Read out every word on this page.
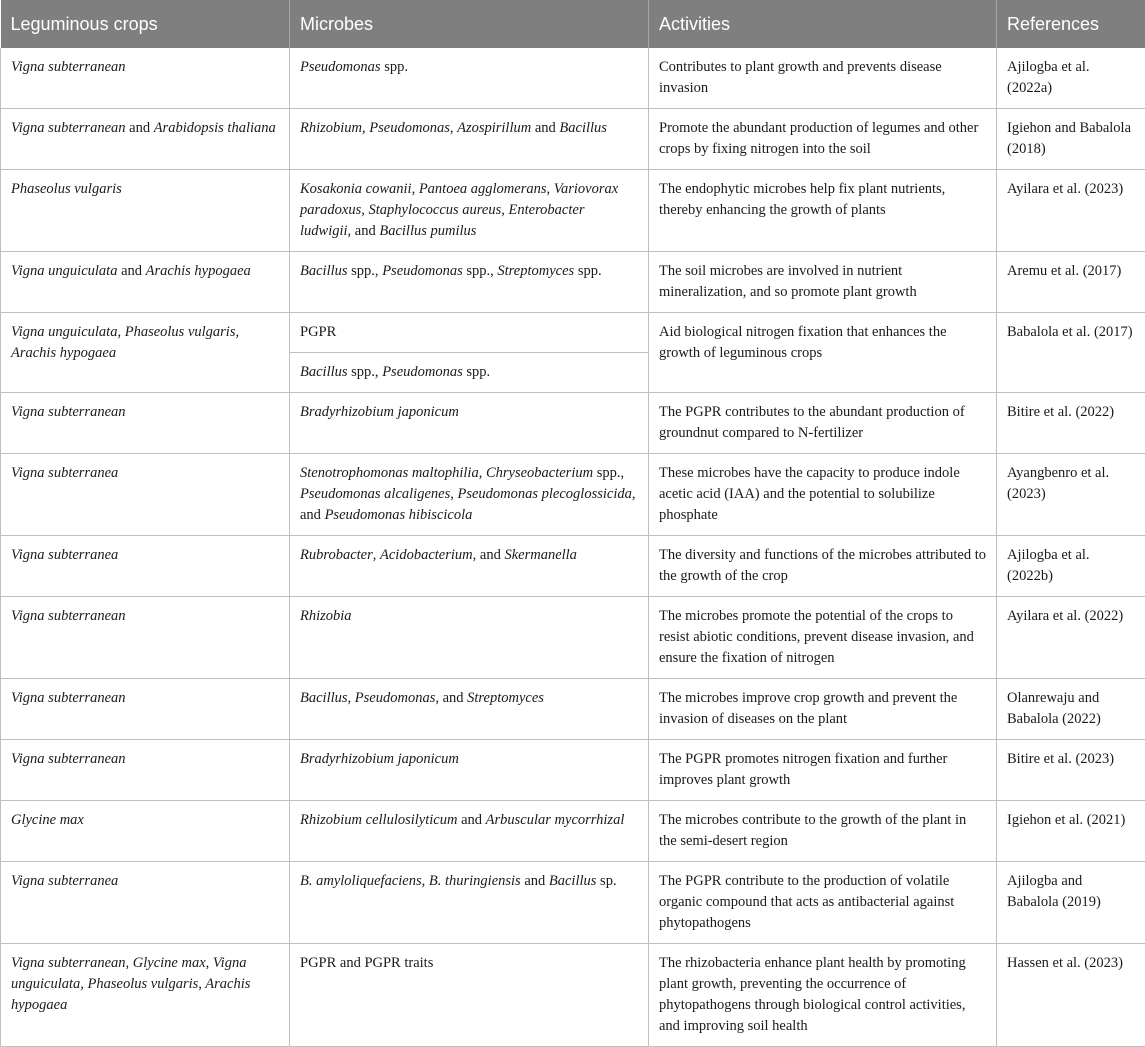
Leguminous crops	Microbes	Activities	References
Vigna subterranean	Pseudomonas spp.	Contributes to plant growth and prevents disease invasion	Ajilogba et al. (2022a)
Vigna subterranean and Arabidopsis thaliana	Rhizobium, Pseudomonas, Azospirillum and Bacillus	Promote the abundant production of legumes and other crops by fixing nitrogen into the soil	Igiehon and Babalola (2018)
Phaseolus vulgaris	Kosakonia cowanii, Pantoea agglomerans, Variovorax paradoxus, Staphylococcus aureus, Enterobacter ludwigii, and Bacillus pumilus	The endophytic microbes help fix plant nutrients, thereby enhancing the growth of plants	Ayilara et al. (2023)
Vigna unguiculata and Arachis hypogaea	Bacillus spp., Pseudomonas spp., Streptomyces spp.	The soil microbes are involved in nutrient mineralization, and so promote plant growth	Aremu et al. (2017)
Vigna unguiculata, Phaseolus vulgaris, Arachis hypogaea	PGPR	Aid biological nitrogen fixation that enhances the growth of leguminous crops	Babalola et al. (2017)
	Bacillus spp., Pseudomonas spp.		
Vigna subterranean	Bradyrhizobium japonicum	The PGPR contributes to the abundant production of groundnut compared to N-fertilizer	Bitire et al. (2022)
Vigna subterranea	Stenotrophomonas maltophilia, Chryseobacterium spp., Pseudomonas alcaligenes, Pseudomonas plecoglossicida, and Pseudomonas hibiscicola	These microbes have the capacity to produce indole acetic acid (IAA) and the potential to solubilize phosphate	Ayangbenro et al. (2023)
Vigna subterranea	Rubrobacter, Acidobacterium, and Skermanella	The diversity and functions of the microbes attributed to the growth of the crop	Ajilogba et al. (2022b)
Vigna subterranean	Rhizobia	The microbes promote the potential of the crops to resist abiotic conditions, prevent disease invasion, and ensure the fixation of nitrogen	Ayilara et al. (2022)
Vigna subterranean	Bacillus, Pseudomonas, and Streptomyces	The microbes improve crop growth and prevent the invasion of diseases on the plant	Olanrewaju and Babalola (2022)
Vigna subterranean	Bradyrhizobium japonicum	The PGPR promotes nitrogen fixation and further improves plant growth	Bitire et al. (2023)
Glycine max	Rhizobium cellulosilyticum and Arbuscular mycorrhizal	The microbes contribute to the growth of the plant in the semi-desert region	Igiehon et al. (2021)
Vigna subterranea	B. amyloliquefaciens, B. thuringiensis and Bacillus sp.	The PGPR contribute to the production of volatile organic compound that acts as antibacterial against phytopathogens	Ajilogba and Babalola (2019)
Vigna subterranean, Glycine max, Vigna unguiculata, Phaseolus vulgaris, Arachis hypogaea	PGPR and PGPR traits	The rhizobacteria enhance plant health by promoting plant growth, preventing the occurrence of phytopathogens through biological control activities, and improving soil health	Hassen et al. (2023)
